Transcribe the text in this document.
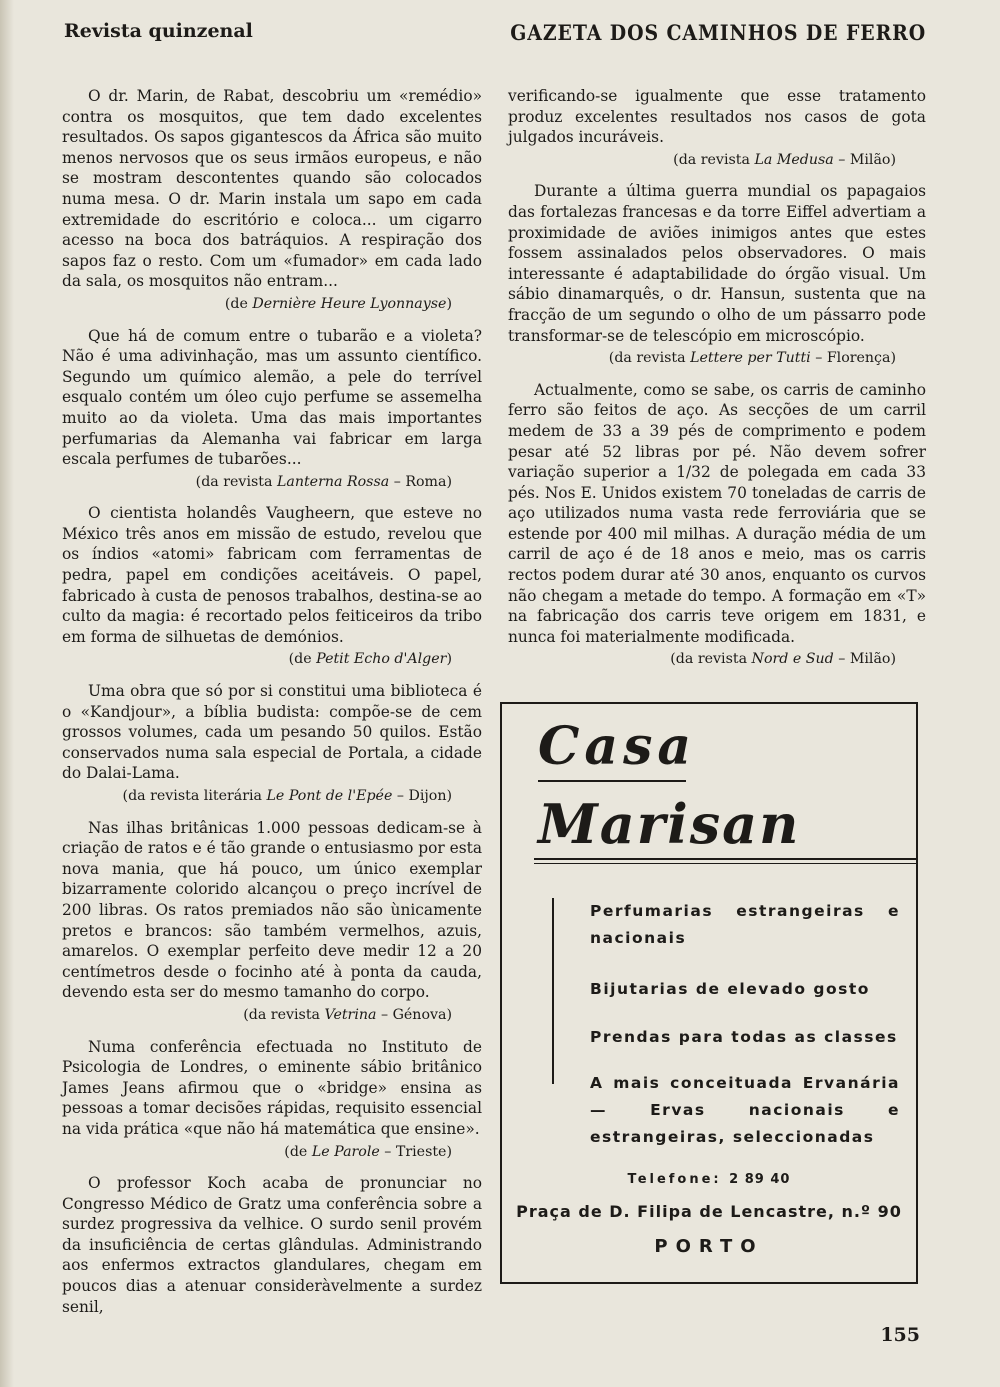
Revista quinzenal	GAZETA DOS CAMINHOS DE FERRO

O dr. Marin, de Rabat, descobriu um «remédio» contra os mosquitos, que tem dado excelentes resultados. Os sapos gigantescos da África são muito menos nervosos que os seus irmãos europeus, e não se mostram descontentes quando são colocados numa mesa. O dr. Marin instala um sapo em cada extremidade do escritório e coloca... um cigarro acesso na boca dos batráquios. A respiração dos sapos faz o resto. Com um «fumador» em cada lado da sala, os mosquitos não entram...

(de Dernière Heure Lyonnayse)

Que há de comum entre o tubarão e a violeta? Não é uma adivinhação, mas um assunto científico. Segundo um químico alemão, a pele do terrível esqualo contém um óleo cujo perfume se assemelha muito ao da violeta. Uma das mais importantes perfumarias da Alemanha vai fabricar em larga escala perfumes de tubarões...

(da revista Lanterna Rossa – Roma)

O cientista holandês Vaugheern, que esteve no México três anos em missão de estudo, revelou que os índios «atomi» fabricam com ferramentas de pedra, papel em condições aceitáveis. O papel, fabricado à custa de penosos trabalhos, destina-se ao culto da magia: é recortado pelos feiticeiros da tribo em forma de silhuetas de demónios.

(de Petit Echo d'Alger)

Uma obra que só por si constitui uma biblioteca é o «Kandjour», a bíblia budista: compõe-se de cem grossos volumes, cada um pesando 50 quilos. Estão conservados numa sala especial de Portala, a cidade do Dalai-Lama.

(da revista literária Le Pont de l'Epée – Dijon)

Nas ilhas britânicas 1.000 pessoas dedicam-se à criação de ratos e é tão grande o entusiasmo por esta nova mania, que há pouco, um único exemplar bizarramente colorido alcançou o preço incrível de 200 libras. Os ratos premiados não são ùnicamente pretos e brancos: são também vermelhos, azuis, amarelos. O exemplar perfeito deve medir 12 a 20 centímetros desde o focinho até à ponta da cauda, devendo esta ser do mesmo tamanho do corpo.

(da revista Vetrina – Génova)

Numa conferência efectuada no Instituto de Psicologia de Londres, o eminente sábio britânico James Jeans afirmou que o «bridge» ensina as pessoas a tomar decisões rápidas, requisito essencial na vida prática «que não há matemática que ensine».

(de Le Parole – Trieste)

O professor Koch acaba de pronunciar no Congresso Médico de Gratz uma conferência sobre a surdez progressiva da velhice. O surdo senil provém da insuficiência de certas glândulas. Administrando aos enfermos extractos glandulares, chegam em poucos dias a atenuar consideràvelmente a surdez senil,

verificando-se igualmente que esse tratamento produz excelentes resultados nos casos de gota julgados incuráveis.

(da revista La Medusa – Milão)

Durante a última guerra mundial os papagaios das fortalezas francesas e da torre Eiffel advertiam a proximidade de aviões inimigos antes que estes fossem assinalados pelos observadores. O mais interessante é adaptabilidade do órgão visual. Um sábio dinamarquês, o dr. Hansun, sustenta que na fracção de um segundo o olho de um pássarro pode transformar-se de telescópio em microscópio.

(da revista Lettere per Tutti – Florença)

Actualmente, como se sabe, os carris de caminho ferro são feitos de aço. As secções de um carril medem de 33 a 39 pés de comprimento e podem pesar até 52 libras por pé. Não devem sofrer variação superior a 1/32 de polegada em cada 33 pés. Nos E. Unidos existem 70 toneladas de carris de aço utilizados numa vasta rede ferroviária que se estende por 400 mil milhas. A duração média de um carril de aço é de 18 anos e meio, mas os carris rectos podem durar até 30 anos, enquanto os curvos não chegam a metade do tempo. A formação em «T» na fabricação dos carris teve origem em 1831, e nunca foi materialmente modificada.

(da revista Nord e Sud – Milão)
Casa
Marisan
Perfumarias estrangeiras e nacionais
Bijutarias de elevado gosto
Prendas para todas as classes
A mais conceituada Ervanária — Ervas nacionais e estrangeiras, seleccionadas
Telefone: 2 89 40
Praça de D. Filipa de Lencastre, n.º 90
PORTO
155
